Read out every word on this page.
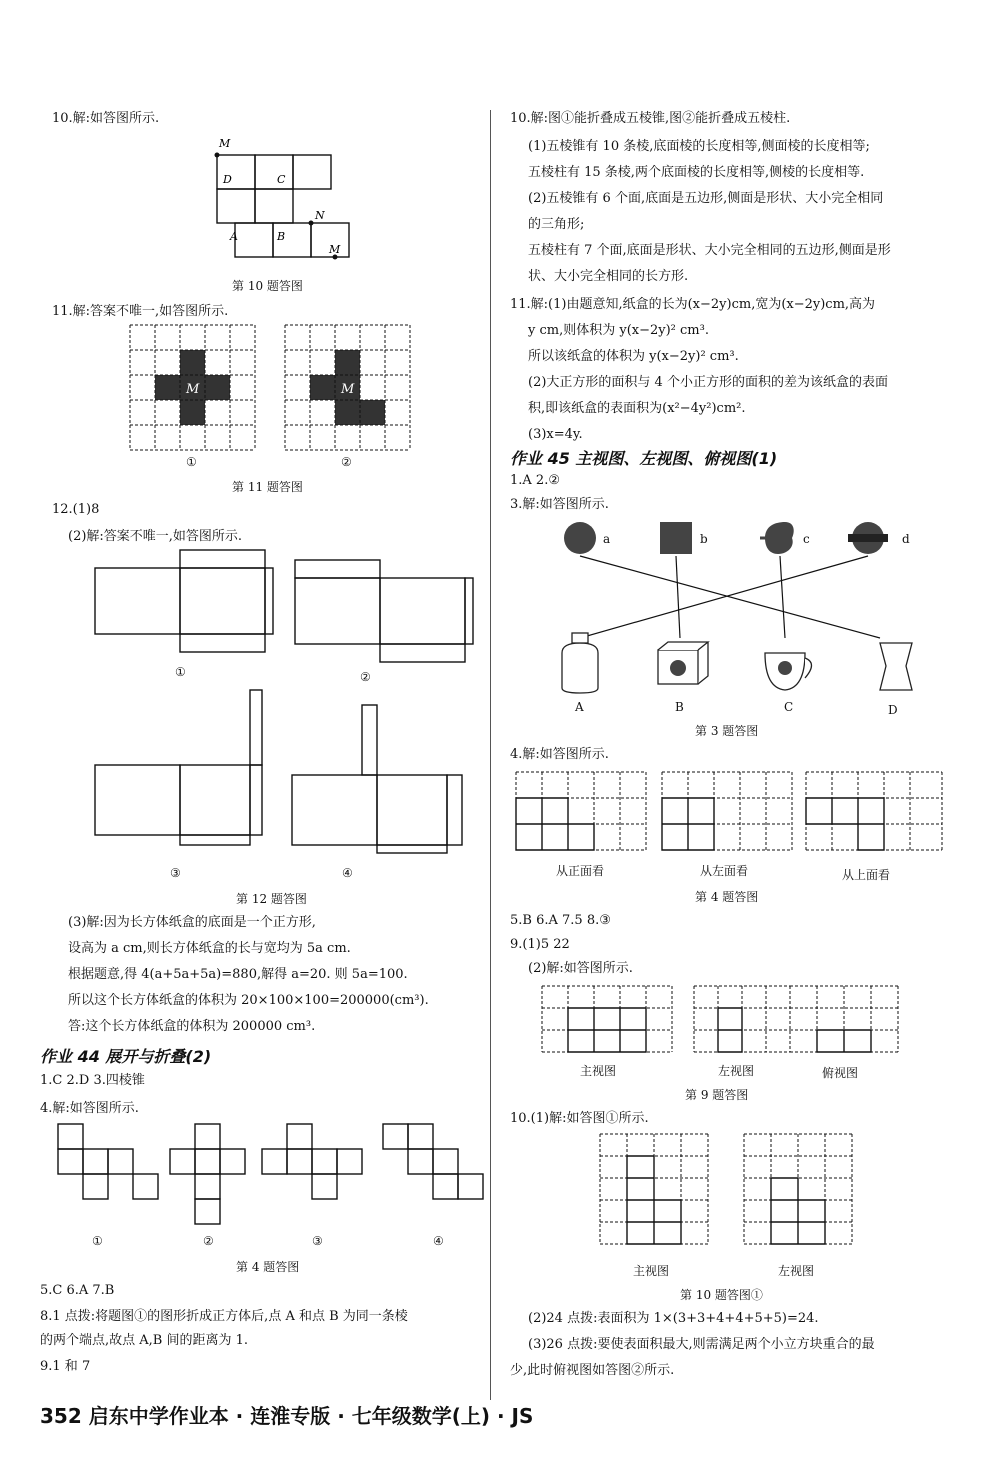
10.解:如答图所示.
M
D	C
N
A	B
M
第 10 题答图
11.解:答案不唯一,如答图所示.
M	M
①	②
第 11 题答图
12.(1)8
(2)解:答案不唯一,如答图所示.
①	②
③	④
第 12 题答图
(3)解:因为长方体纸盒的底面是一个正方形,
设高为 a cm,则长方体纸盒的长与宽均为 5a cm.
根据题意,得 4(a+5a+5a)=880,解得 a=20. 则 5a=100.
所以这个长方体纸盒的体积为 20×100×100=200000(cm³).
答:这个长方体纸盒的体积为 200000 cm³.
作业 44 展开与折叠(2)
1.C 2.D 3.四棱锥
4.解:如答图所示.
①	②	③	④
第 4 题答图
5.C 6.A 7.B
8.1 点拨:将题图①的图形折成正方体后,点 A 和点 B 为同一条棱
的两个端点,故点 A,B 间的距离为 1.
9.1 和 7
10.解:图①能折叠成五棱锥,图②能折叠成五棱柱.
(1)五棱锥有 10 条棱,底面棱的长度相等,侧面棱的长度相等;
五棱柱有 15 条棱,两个底面棱的长度相等,侧棱的长度相等.
(2)五棱锥有 6 个面,底面是五边形,侧面是形状、大小完全相同
的三角形;
五棱柱有 7 个面,底面是形状、大小完全相同的五边形,侧面是形
状、大小完全相同的长方形.
11.解:(1)由题意知,纸盒的长为(x−2y)cm,宽为(x−2y)cm,高为
y cm,则体积为 y(x−2y)² cm³.
所以该纸盒的体积为 y(x−2y)² cm³.
(2)大正方形的面积与 4 个小正方形的面积的差为该纸盒的表面
积,即该纸盒的表面积为(x²−4y²)cm².
(3)x=4y.
作业 45 主视图、左视图、俯视图(1)
1.A 2.②
3.解:如答图所示.
a	b	c	d
A	B	C	D
第 3 题答图
4.解:如答图所示.
从正面看	从左面看	从上面看
第 4 题答图
5.B 6.A 7.5 8.③
9.(1)5 22
(2)解:如答图所示.
主视图	左视图	俯视图
第 9 题答图
10.(1)解:如答图①所示.
主视图	左视图
第 10 题答图①
(2)24 点拨:表面积为 1×(3+3+4+4+5+5)=24.
(3)26 点拨:要使表面积最大,则需满足两个小立方块重合的最
少,此时俯视图如答图②所示.
352 启东中学作业本 · 连淮专版 · 七年级数学(上) · JS
